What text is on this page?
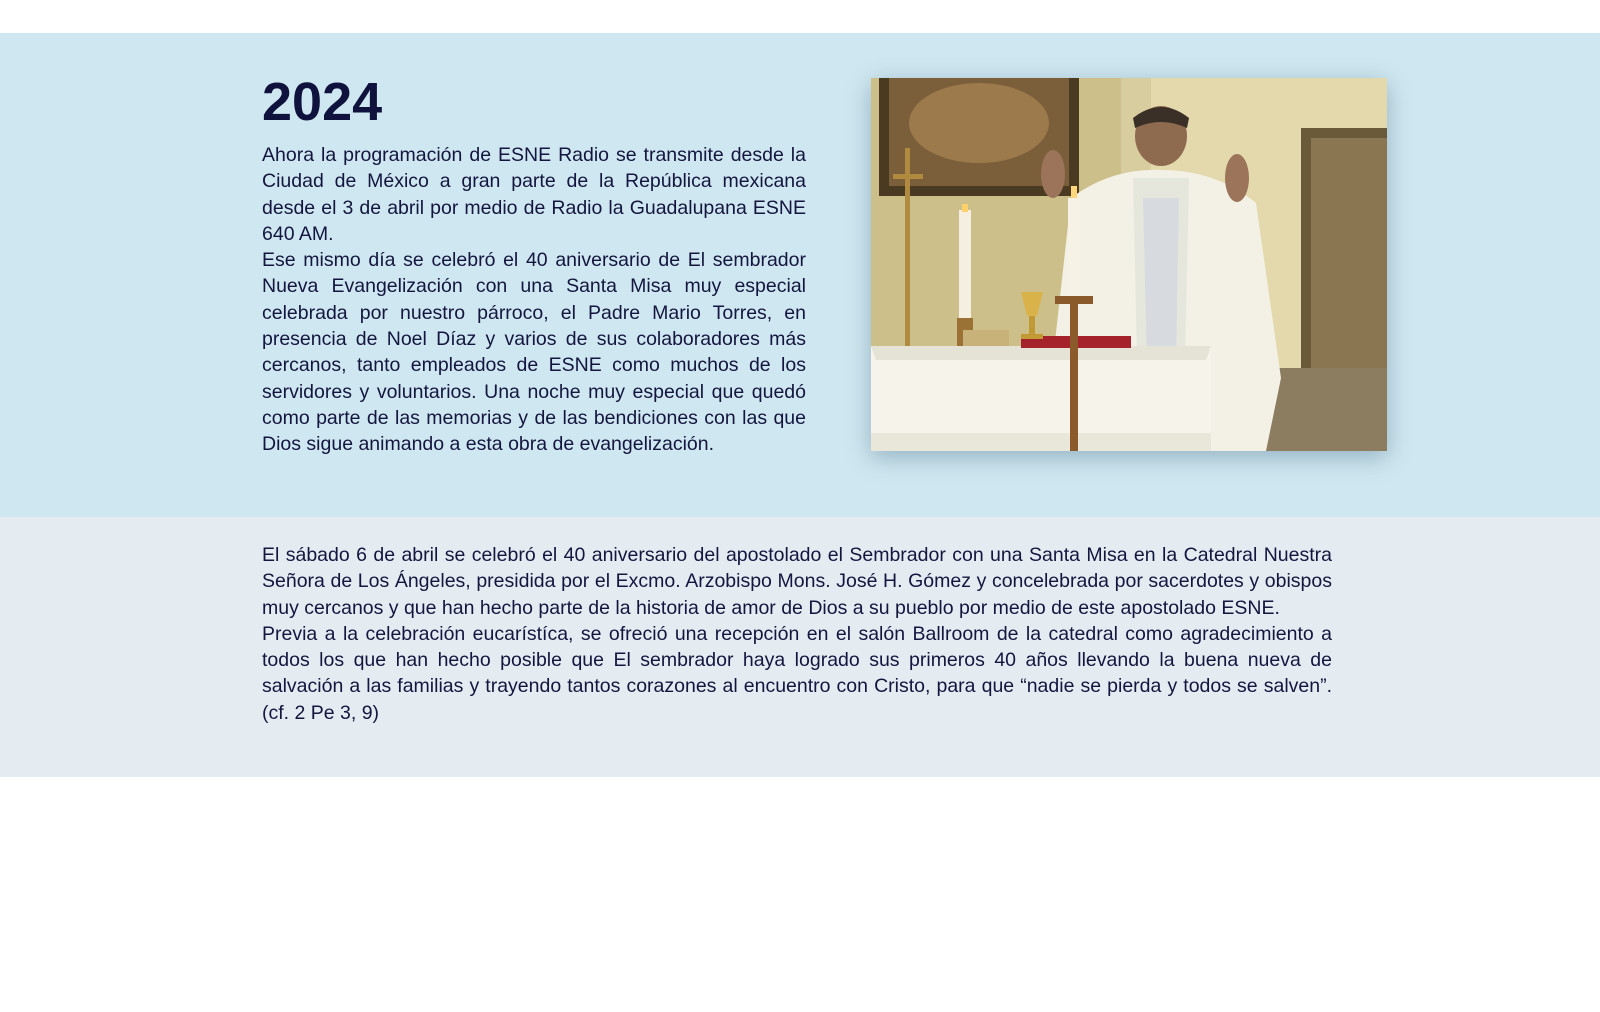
2024

Ahora la programación de ESNE Radio se transmite desde la Ciudad de México a gran parte de la República mexicana desde el 3 de abril por medio de Radio la Guadalupana ESNE 640 AM.

Ese mismo día se celebró el 40 aniversario de El sembrador Nueva Evangelización con una Santa Misa muy especial celebrada por nuestro párroco, el Padre Mario Torres, en presencia de Noel Díaz y varios de sus colaboradores más cercanos, tanto empleados de ESNE como muchos de los servidores y voluntarios. Una noche muy especial que quedó como parte de las memorias y de las bendiciones con las que Dios sigue animando a esta obra de evangelización.

El sábado 6 de abril se celebró el 40 aniversario del apostolado el Sembrador con una Santa Misa en la Catedral Nuestra Señora de Los Ángeles, presidida por el Excmo. Arzobispo Mons. José H. Gómez y concelebrada por sacerdotes y obispos muy cercanos y que han hecho parte de la historia de amor de Dios a su pueblo por medio de este apostolado ESNE.

Previa a la celebración eucarístíca, se ofreció una recepción en el salón Ballroom de la catedral como agradecimiento a todos los que han hecho posible que El sembrador haya logrado sus primeros 40 años llevando la buena nueva de salvación a las familias y trayendo tantos corazones al encuentro con Cristo, para que “nadie se pierda y todos se salven”. (cf. 2 Pe 3, 9)
